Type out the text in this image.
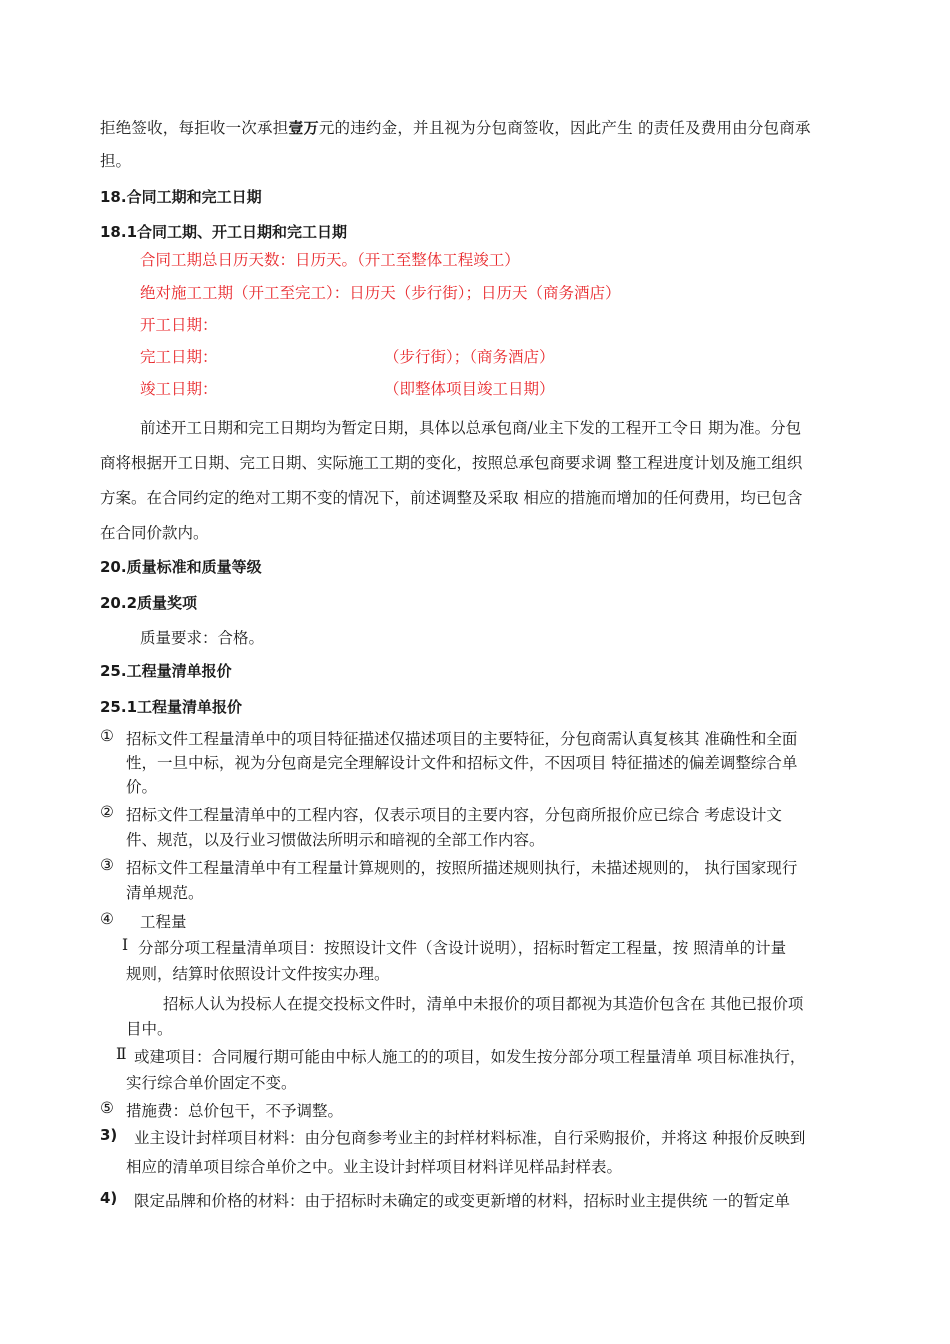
拒绝签收，每拒收一次承担壹万元的违约金，并且视为分包商签收，因此产生 的责任及费用由分包商承
担。
18.合同工期和完工日期
18.1合同工期、开工日期和完工日期
合同工期总日历天数：日历天。（开工至整体工程竣工）
绝对施工工期（开工至完工）：日历天（步行街）；日历天（商务酒店）
开工日期：
完工日期：	（步行街）；（商务酒店）
竣工日期：	（即整体项目竣工日期）
前述开工日期和完工日期均为暂定日期，具体以总承包商/业主下发的工程开工令日 期为准。分包
商将根据开工日期、完工日期、实际施工工期的变化，按照总承包商要求调 整工程进度计划及施工组织
方案。在合同约定的绝对工期不变的情况下，前述调整及采取 相应的措施而增加的任何费用，均已包含
在合同价款内。
20.质量标准和质量等级
20.2质量奖项
质量要求：合格。
25.工程量清单报价
25.1工程量清单报价
① 招标文件工程量清单中的项目特征描述仅描述项目的主要特征，分包商需认真复核其 准确性和全面
性，一旦中标，视为分包商是完全理解设计文件和招标文件，不因项目 特征描述的偏差调整综合单
价。
② 招标文件工程量清单中的工程内容，仅表示项目的主要内容，分包商所报价应已综合 考虑设计文
件、规范，以及行业习惯做法所明示和暗视的全部工作内容。
③ 招标文件工程量清单中有工程量计算规则的，按照所描述规则执行，未描述规则的， 执行国家现行
清单规范。
④ 工程量
Ⅰ 分部分项工程量清单项目：按照设计文件（含设计说明），招标时暂定工程量，按 照清单的计量
规则，结算时依照设计文件按实办理。
招标人认为投标人在提交投标文件时，清单中未报价的项目都视为其造价包含在 其他已报价项
目中。
Ⅱ 或建项目：合同履行期可能由中标人施工的的项目，如发生按分部分项工程量清单 项目标准执行，
实行综合单价固定不变。
⑤ 措施费：总价包干，不予调整。
3) 业主设计封样项目材料：由分包商参考业主的封样材料标准，自行采购报价，并将这 种报价反映到
相应的清单项目综合单价之中。业主设计封样项目材料详见样品封样表。
4) 限定品牌和价格的材料：由于招标时未确定的或变更新增的材料，招标时业主提供统 一的暂定单
